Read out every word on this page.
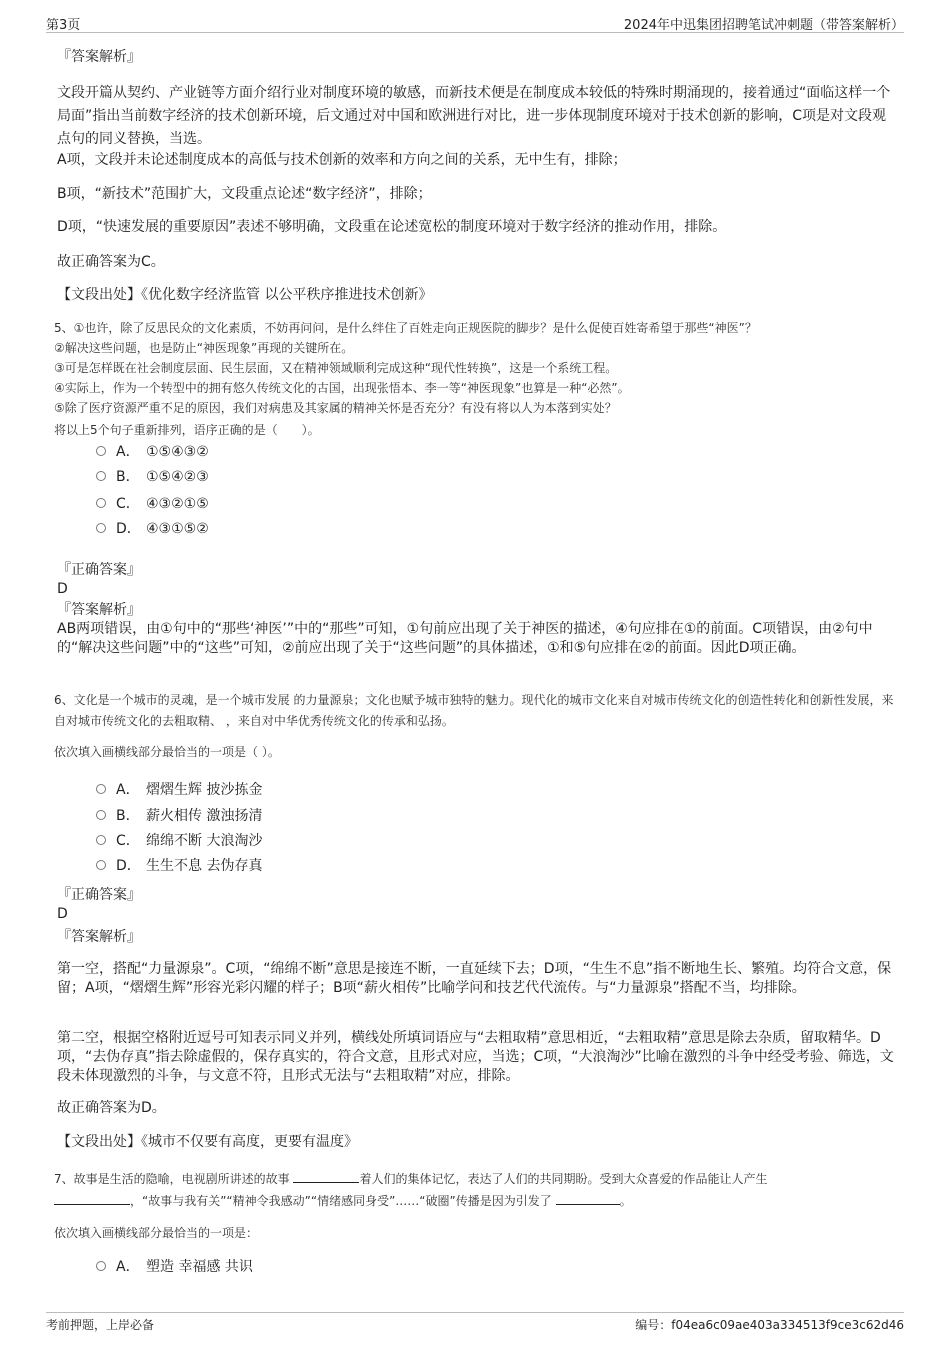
第3页	2024年中迅集团招聘笔试冲刺题（带答案解析）
『答案解析』
文段开篇从契约、产业链等方面介绍行业对制度环境的敏感，而新技术便是在制度成本较低的特殊时期涌现的，接着通过“面临这样一个局面”指出当前数字经济的技术创新环境，后文通过对中国和欧洲进行对比，进一步体现制度环境对于技术创新的影响，C项是对文段观点句的同义替换，当选。
A项，文段并未论述制度成本的高低与技术创新的效率和方向之间的关系，无中生有，排除；
B项，“新技术”范围扩大，文段重点论述“数字经济”，排除；
D项，“快速发展的重要原因”表述不够明确，文段重在论述宽松的制度环境对于数字经济的推动作用，排除。
故正确答案为C。
【文段出处】《优化数字经济监管 以公平秩序推进技术创新》
5、①也许，除了反思民众的文化素质，不妨再问问，是什么绊住了百姓走向正规医院的脚步？是什么促使百姓寄希望于那些“神医”？
②解决这些问题，也是防止“神医现象”再现的关键所在。
③可是怎样既在社会制度层面、民生层面，又在精神领域顺利完成这种“现代性转换”，这是一个系统工程。
④实际上，作为一个转型中的拥有悠久传统文化的古国，出现张悟本、李一等“神医现象”也算是一种“必然”。
⑤除了医疗资源严重不足的原因，我们对病患及其家属的精神关怀是否充分？有没有将以人为本落到实处？
将以上5个句子重新排列，语序正确的是（　　）。
A． ①⑤④③②
B． ①⑤④②③
C． ④③②①⑤
D． ④③①⑤②
『正确答案』
D
『答案解析』
AB两项错误，由①句中的“那些‘神医’”中的“那些”可知，①句前应出现了关于神医的描述，④句应排在①的前面。C项错误，由②句中的“解决这些问题”中的“这些”可知，②前应出现了关于“这些问题”的具体描述，①和⑤句应排在②的前面。因此D项正确。
6、文化是一个城市的灵魂，是一个城市发展 的力量源泉；文化也赋予城市独特的魅力。现代化的城市文化来自对城市传统文化的创造性转化和创新性发展，来自对城市传统文化的去粗取精、 ，来自对中华优秀传统文化的传承和弘扬。
依次填入画横线部分最恰当的一项是（ ）。
A． 熠熠生辉 披沙拣金
B． 薪火相传 激浊扬清
C． 绵绵不断 大浪淘沙
D． 生生不息 去伪存真
『正确答案』
D
『答案解析』
第一空，搭配“力量源泉”。C项，“绵绵不断”意思是接连不断，一直延续下去；D项，“生生不息”指不断地生长、繁殖。均符合文意，保留；A项，“熠熠生辉”形容光彩闪耀的样子；B项“薪火相传”比喻学问和技艺代代流传。与“力量源泉”搭配不当，均排除。
第二空，根据空格附近逗号可知表示同义并列，横线处所填词语应与“去粗取精”意思相近，“去粗取精”意思是除去杂质，留取精华。D项，“去伪存真”指去除虚假的，保存真实的，符合文意，且形式对应，当选；C项，“大浪淘沙”比喻在激烈的斗争中经受考验、筛选，文段未体现激烈的斗争，与文意不符，且形式无法与“去粗取精”对应，排除。
故正确答案为D。
【文段出处】《城市不仅要有高度，更要有温度》
7、故事是生活的隐喻，电视剧所讲述的故事	着人们的集体记忆，表达了人们的共同期盼。受到大众喜爱的作品能让人产生
，“故事与我有关”“精神令我感动”“情绪感同身受”……“破圈”传播是因为引发了	。
依次填入画横线部分最恰当的一项是：
A． 塑造 幸福感 共识
考前押题，上岸必备	编号：f04ea6c09ae403a334513f9ce3c62d46
